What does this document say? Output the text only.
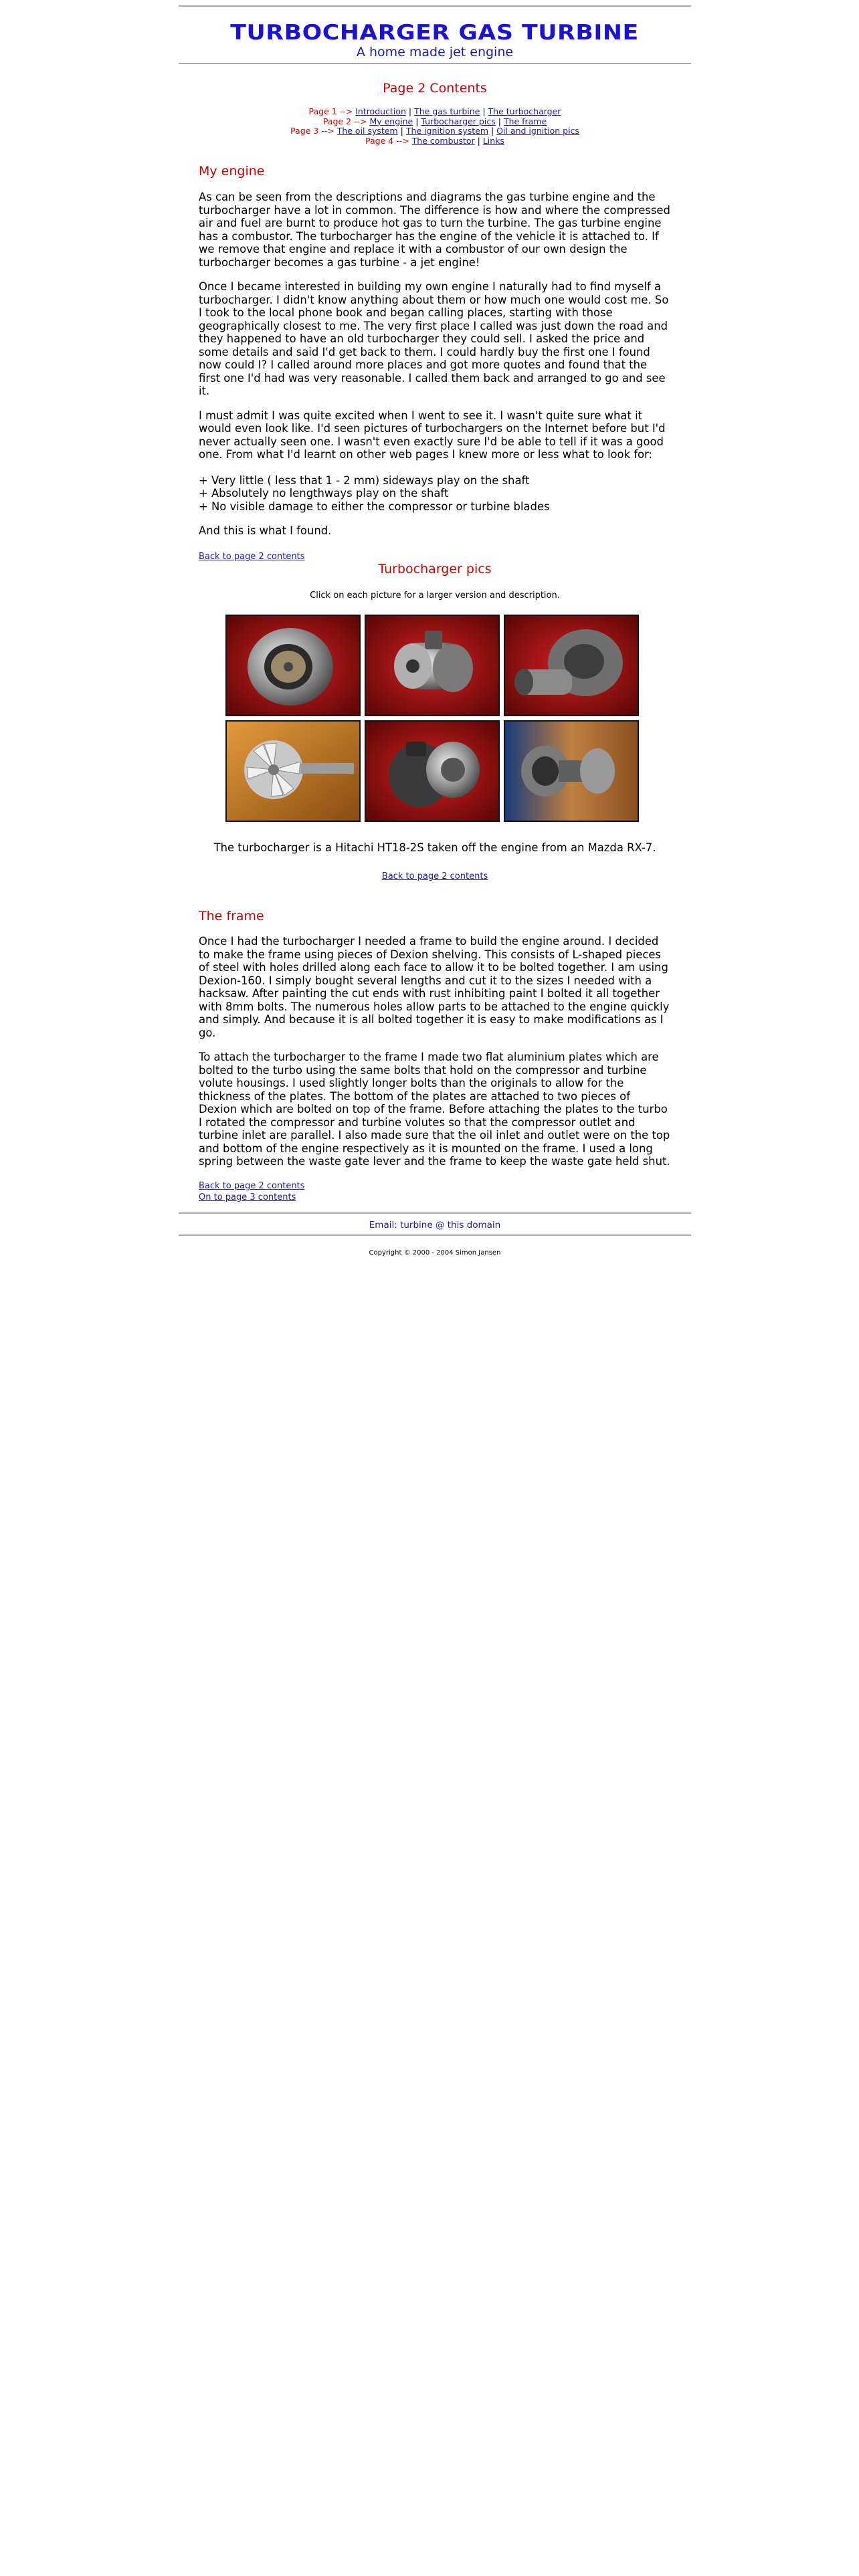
TURBOCHARGER GAS TURBINE
A home made jet engine
Page 2 Contents
Page 1 --> Introduction | The gas turbine | The turbocharger
Page 2 --> My engine | Turbocharger pics | The frame
Page 3 --> The oil system | The ignition system | Oil and ignition pics
Page 4 --> The combustor | Links
My engine

As can be seen from the descriptions and diagrams the gas turbine engine and the turbocharger have a lot in common. The difference is how and where the compressed air and fuel are burnt to produce hot gas to turn the turbine. The gas turbine engine has a combustor. The turbocharger has the engine of the vehicle it is attached to. If we remove that engine and replace it with a combustor of our own design the turbocharger becomes a gas turbine - a jet engine!

Once I became interested in building my own engine I naturally had to find myself a turbocharger. I didn't know anything about them or how much one would cost me. So I took to the local phone book and began calling places, starting with those geographically closest to me. The very first place I called was just down the road and they happened to have an old turbocharger they could sell. I asked the price and some details and said I'd get back to them. I could hardly buy the first one I found now could I? I called around more places and got more quotes and found that the first one I'd had was very reasonable. I called them back and arranged to go and see it.

I must admit I was quite excited when I went to see it. I wasn't quite sure what it would even look like. I'd seen pictures of turbochargers on the Internet before but I'd never actually seen one. I wasn't even exactly sure I'd be able to tell if it was a good one. From what I'd learnt on other web pages I knew more or less what to look for:

+ Very little ( less that 1 - 2 mm) sideways play on the shaft

+ Absolutely no lengthways play on the shaft

+ No visible damage to either the compressor or turbine blades

And this is what I found.

Back to page 2 contents
Turbocharger pics
Click on each picture for a larger version and description.
The turbocharger is a Hitachi HT18-2S taken off the engine from an Mazda RX-7.
Back to page 2 contents
The frame

Once I had the turbocharger I needed a frame to build the engine around. I decided to make the frame using pieces of Dexion shelving. This consists of L-shaped pieces of steel with holes drilled along each face to allow it to be bolted together. I am using Dexion-160. I simply bought several lengths and cut it to the sizes I needed with a hacksaw. After painting the cut ends with rust inhibiting paint I bolted it all together with 8mm bolts. The numerous holes allow parts to be attached to the engine quickly and simply. And because it is all bolted together it is easy to make modifications as I go.

To attach the turbocharger to the frame I made two flat aluminium plates which are bolted to the turbo using the same bolts that hold on the compressor and turbine volute housings. I used slightly longer bolts than the originals to allow for the thickness of the plates. The bottom of the plates are attached to two pieces of Dexion which are bolted on top of the frame. Before attaching the plates to the turbo I rotated the compressor and turbine volutes so that the compressor outlet and turbine inlet are parallel. I also made sure that the oil inlet and outlet were on the top and bottom of the engine respectively as it is mounted on the frame. I used a long spring between the waste gate lever and the frame to keep the waste gate held shut.

Back to page 2 contents
On to page 3 contents
Email: turbine @ this domain
Copyright © 2000 - 2004 Simon Jansen
